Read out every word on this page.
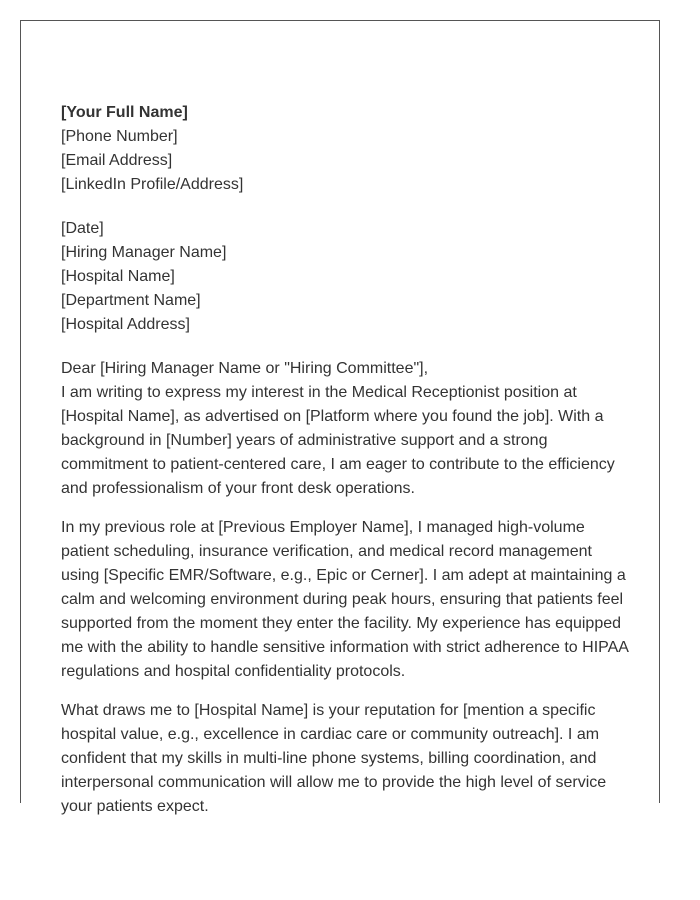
[Your Full Name]
[Phone Number]
[Email Address]
[LinkedIn Profile/Address]
[Date]
[Hiring Manager Name]
[Hospital Name]
[Department Name]
[Hospital Address]
Dear [Hiring Manager Name or "Hiring Committee"],

I am writing to express my interest in the Medical Receptionist position at [Hospital Name], as advertised on [Platform where you found the job]. With a background in [Number] years of administrative support and a strong commitment to patient-centered care, I am eager to contribute to the efficiency and professionalism of your front desk operations.

In my previous role at [Previous Employer Name], I managed high-volume patient scheduling, insurance verification, and medical record management using [Specific EMR/Software, e.g., Epic or Cerner]. I am adept at maintaining a calm and welcoming environment during peak hours, ensuring that patients feel supported from the moment they enter the facility. My experience has equipped me with the ability to handle sensitive information with strict adherence to HIPAA regulations and hospital confidentiality protocols.

What draws me to [Hospital Name] is your reputation for [mention a specific hospital value, e.g., excellence in cardiac care or community outreach]. I am confident that my skills in multi-line phone systems, billing coordination, and interpersonal communication will allow me to provide the high level of service your patients expect.
